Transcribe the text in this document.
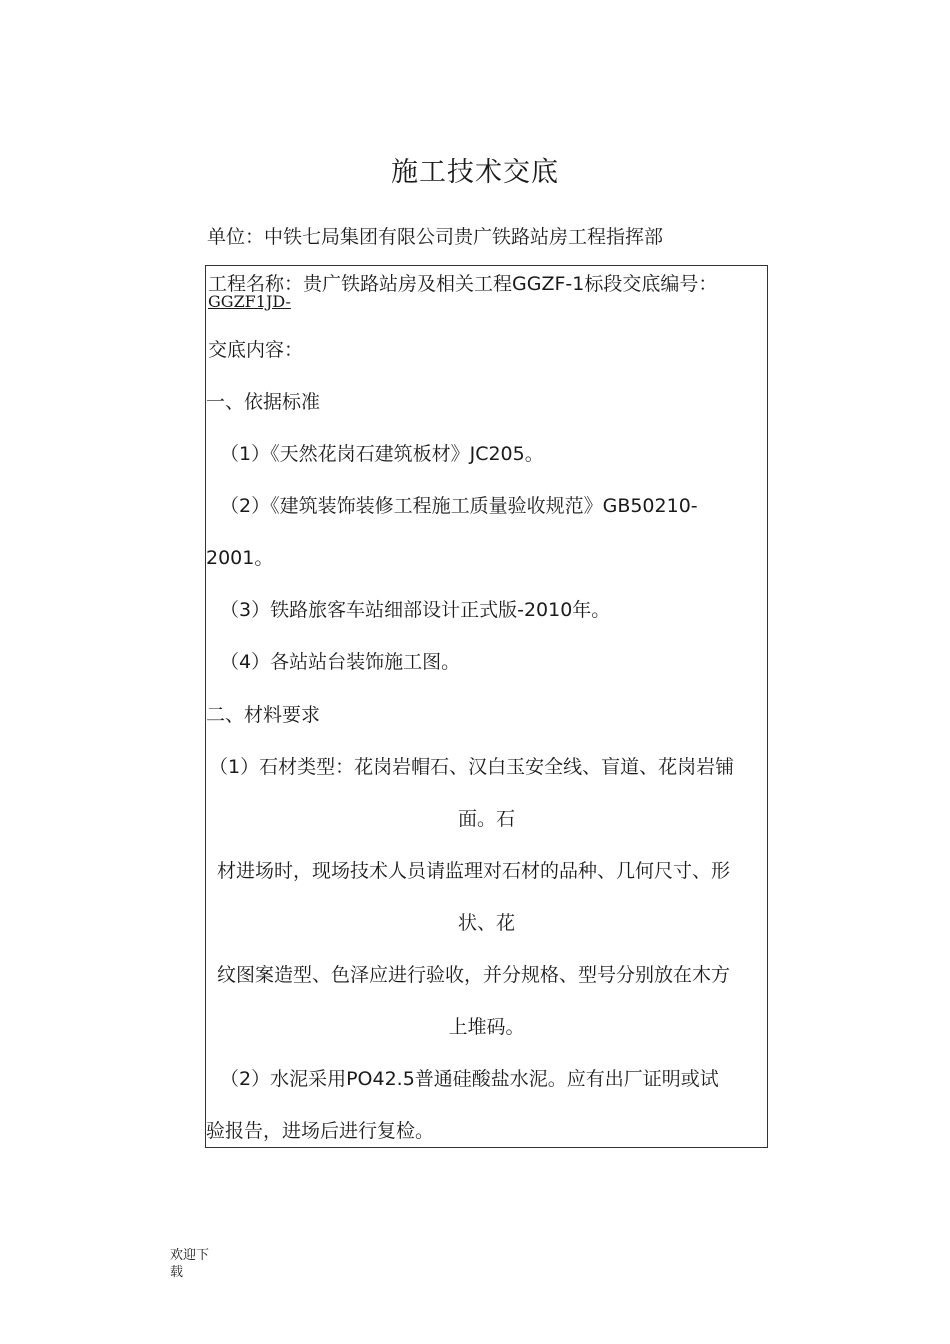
施工技术交底
单位：中铁七局集团有限公司贵广铁路站房工程指挥部
工程名称：贵广铁路站房及相关工程GGZF-1标段交底编号：
GGZF1JD-
交底内容：
一、依据标准
（1）《天然花岗石建筑板材》JC205。
（2）《建筑装饰装修工程施工质量验收规范》GB50210-
2001。
（3）铁路旅客车站细部设计正式版-2010年。
（4）各站站台装饰施工图。
二、材料要求
（1）石材类型：花岗岩帽石、汉白玉安全线、盲道、花岗岩铺
面。石
材进场时，现场技术人员请监理对石材的品种、几何尺寸、形
状、花
纹图案造型、色泽应进行验收，并分规格、型号分别放在木方
上堆码。
（2）水泥采用PO42.5普通硅酸盐水泥。应有出厂证明或试
验报告，进场后进行复检。
欢迎下
载
